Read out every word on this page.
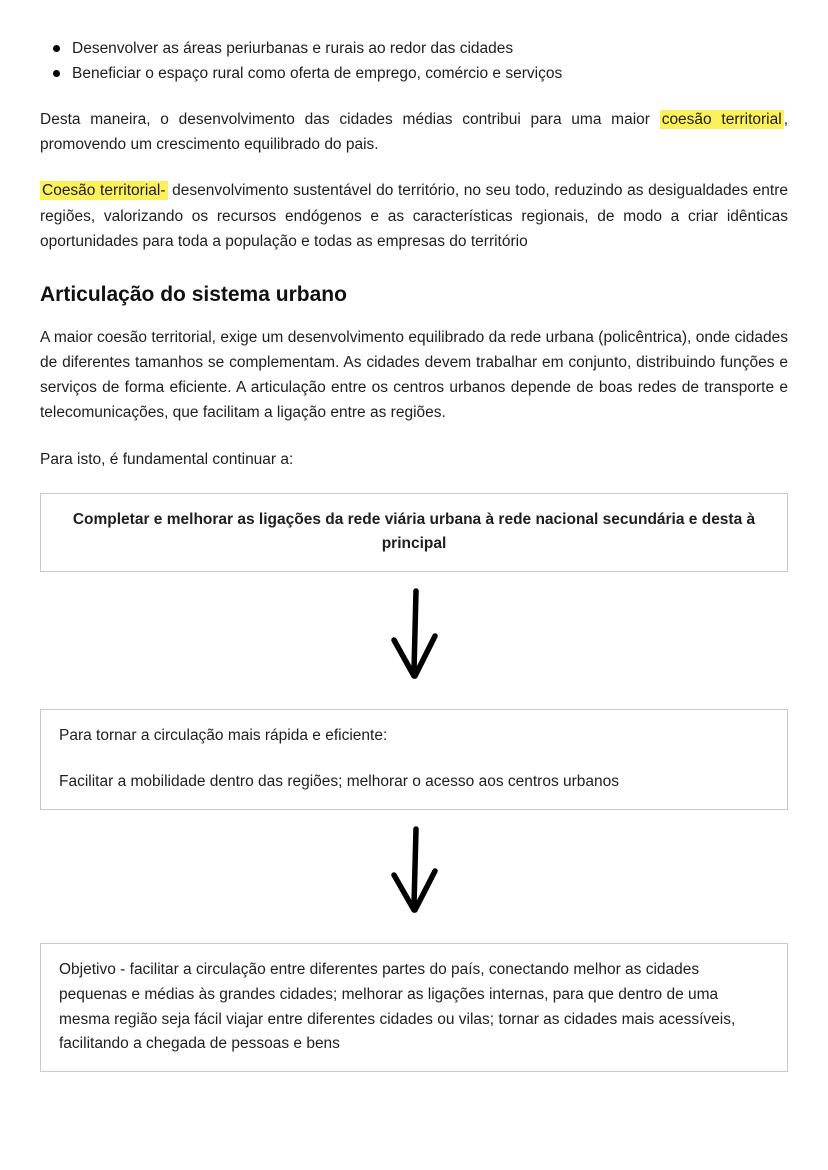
Desenvolver as áreas periurbanas e rurais ao redor das cidades
Beneficiar o espaço rural como oferta de emprego, comércio e serviços

Desta maneira, o desenvolvimento das cidades médias contribui para uma maior coesão territorial , promovendo um crescimento equilibrado do pais.

Coesão territorial- desenvolvimento sustentável do território, no seu todo, reduzindo as desigualdades entre regiões, valorizando os recursos endógenos e as características regionais, de modo a criar idênticas oportunidades para toda a população e todas as empresas do território

Articulação do sistema urbano

A maior coesão territorial, exige um desenvolvimento equilibrado da rede urbana (policêntrica), onde cidades de diferentes tamanhos se complementam. As cidades devem trabalhar em conjunto, distribuindo funções e serviços de forma eficiente. A articulação entre os centros urbanos depende de boas redes de transporte e telecomunicações, que facilitam a ligação entre as regiões.

Para isto, é fundamental continuar a:

Completar e melhorar as ligações da rede viária urbana à rede nacional secundária e desta à principal

Para tornar a circulação mais rápida e eficiente:

Facilitar a mobilidade dentro das regiões; melhorar o acesso aos centros urbanos

Objetivo - facilitar a circulação entre diferentes partes do país, conectando melhor as cidades pequenas e médias às grandes cidades; melhorar as ligações internas, para que dentro de uma mesma região seja fácil viajar entre diferentes cidades ou vilas; tornar as cidades mais acessíveis, facilitando a chegada de pessoas e bens
